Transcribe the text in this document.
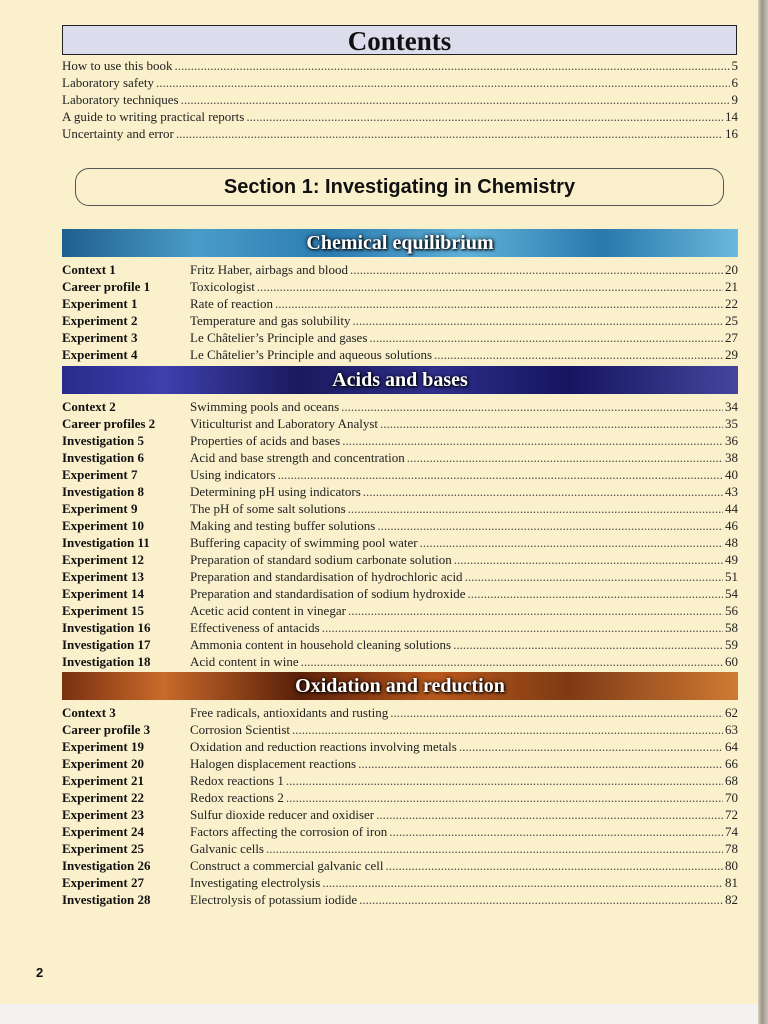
Contents
How to use this book .....	5
Laboratory safety .....	6
Laboratory techniques .....	9
A guide to writing practical reports .....	14
Uncertainty and error .....	16
Section 1: Investigating in Chemistry
Chemical equilibrium
Context 1	Fritz Haber, airbags and blood .....	20
Career profile 1	Toxicologist .....	21
Experiment 1	Rate of reaction .....	22
Experiment 2	Temperature and gas solubility .....	25
Experiment 3	Le Châtelier’s Principle and gases .....	27
Experiment 4	Le Châtelier’s Principle and aqueous solutions .....	29
Acids and bases
Context 2	Swimming pools and oceans .....	34
Career profiles 2	Viticulturist and Laboratory Analyst .....	35
Investigation 5	Properties of acids and bases .....	36
Investigation 6	Acid and base strength and concentration .....	38
Experiment 7	Using indicators .....	40
Investigation 8	Determining pH using indicators .....	43
Experiment 9	The pH of some salt solutions .....	44
Experiment 10	Making and testing buffer solutions .....	46
Investigation 11	Buffering capacity of swimming pool water .....	48
Experiment 12	Preparation of standard sodium carbonate solution .....	49
Experiment 13	Preparation and standardisation of hydrochloric acid .....	51
Experiment 14	Preparation and standardisation of sodium hydroxide .....	54
Experiment 15	Acetic acid content in vinegar .....	56
Investigation 16	Effectiveness of antacids .....	58
Investigation 17	Ammonia content in household cleaning solutions .....	59
Investigation 18	Acid content in wine .....	60
Oxidation and reduction
Context 3	Free radicals, antioxidants and rusting .....	62
Career profile 3	Corrosion Scientist .....	63
Experiment 19	Oxidation and reduction reactions involving metals .....	64
Experiment 20	Halogen displacement reactions .....	66
Experiment 21	Redox reactions 1 .....	68
Experiment 22	Redox reactions 2 .....	70
Experiment 23	Sulfur dioxide reducer and oxidiser .....	72
Experiment 24	Factors affecting the corrosion of iron .....	74
Experiment 25	Galvanic cells .....	78
Investigation 26	Construct a commercial galvanic cell .....	80
Experiment 27	Investigating electrolysis .....	81
Investigation 28	Electrolysis of potassium iodide .....	82
2
